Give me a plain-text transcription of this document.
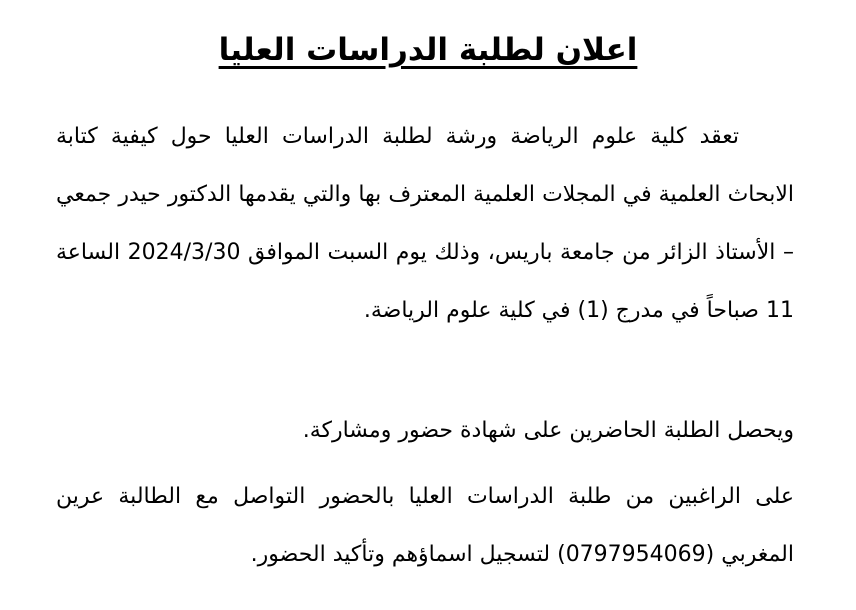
اعلان لطلبة الدراسات العليا

تعقد كلية علوم الرياضة ورشة لطلبة الدراسات العليا حول كيفية كتابة الابحاث العلمية في المجلات العلمية المعترف بها والتي يقدمها الدكتور حيدر جمعي – الأستاذ الزائر من جامعة باريس، وذلك يوم السبت الموافق 2024/3/30 الساعة 11 صباحاً في مدرج (1) في كلية علوم الرياضة.

ويحصل الطلبة الحاضرين على شهادة حضور ومشاركة.

على الراغبين من طلبة الدراسات العليا بالحضور التواصل مع الطالبة عرين المغربي (0797954069) لتسجيل اسماؤهم وتأكيد الحضور.
